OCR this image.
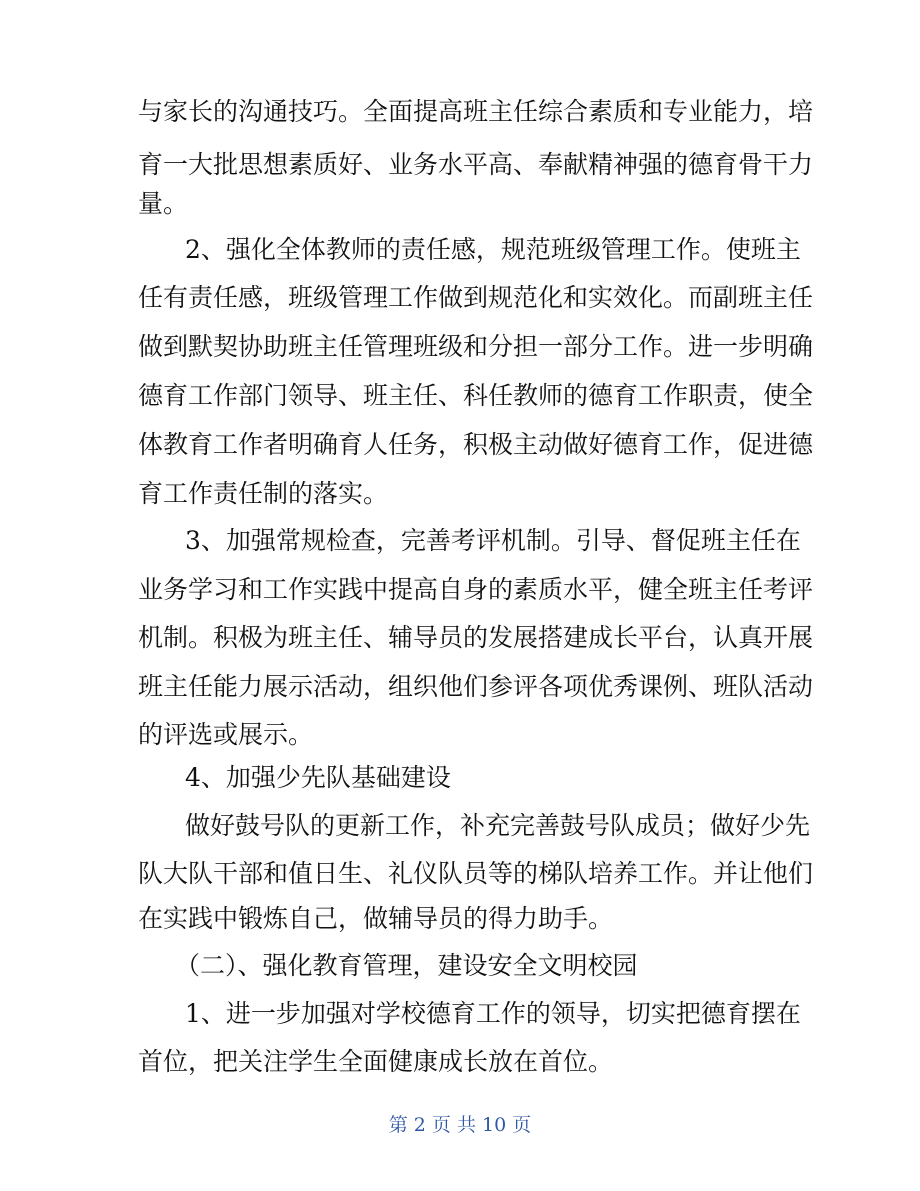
与家长的沟通技巧。全面提高班主任综合素质和专业能力，培
育一大批思想素质好、业务水平高、奉献精神强的德育骨干力
量。
2、强化全体教师的责任感，规范班级管理工作。使班主
任有责任感，班级管理工作做到规范化和实效化。而副班主任
做到默契协助班主任管理班级和分担一部分工作。进一步明确
德育工作部门领导、班主任、科任教师的德育工作职责，使全
体教育工作者明确育人任务，积极主动做好德育工作，促进德
育工作责任制的落实。
3、加强常规检查，完善考评机制。引导、督促班主任在
业务学习和工作实践中提高自身的素质水平，健全班主任考评
机制。积极为班主任、辅导员的发展搭建成长平台，认真开展
班主任能力展示活动，组织他们参评各项优秀课例、班队活动
的评选或展示。
4、加强少先队基础建设
做好鼓号队的更新工作，补充完善鼓号队成员；做好少先
队大队干部和值日生、礼仪队员等的梯队培养工作。并让他们
在实践中锻炼自己，做辅导员的得力助手。
（二）、强化教育管理，建设安全文明校园
1、进一步加强对学校德育工作的领导，切实把德育摆在
首位，把关注学生全面健康成长放在首位。
第 2 页 共 10 页
